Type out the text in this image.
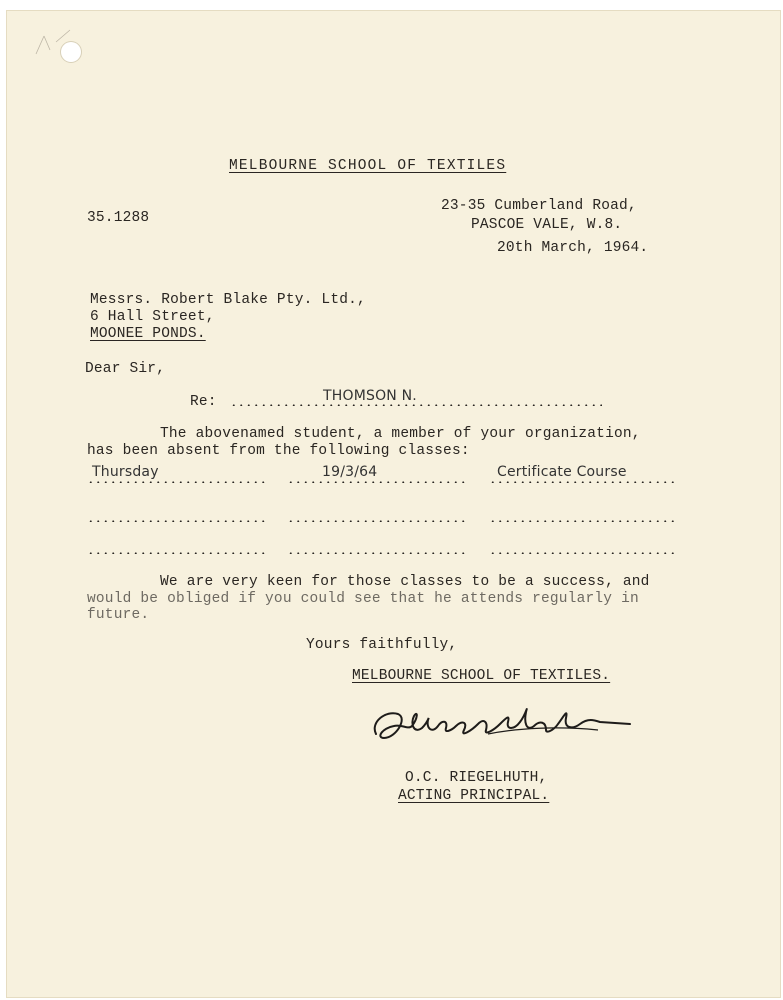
MELBOURNE SCHOOL OF TEXTILES
35.1288
23-35 Cumberland Road,
PASCOE VALE, W.8.
20th March, 1964.
Messrs. Robert Blake Pty. Ltd.,
6 Hall Street,
MOONEE PONDS.
Dear Sir,
Re:	THOMSON N.
The abovenamed student, a member of your organization,
has been absent from the following classes:
Thursday	19/3/64	Certificate Course
We are very keen for those classes to be a success, and
would be obliged if you could see that he attends regularly in
future.
Yours faithfully,
MELBOURNE SCHOOL OF TEXTILES.
O.C. RIEGELHUTH,
ACTING PRINCIPAL.
